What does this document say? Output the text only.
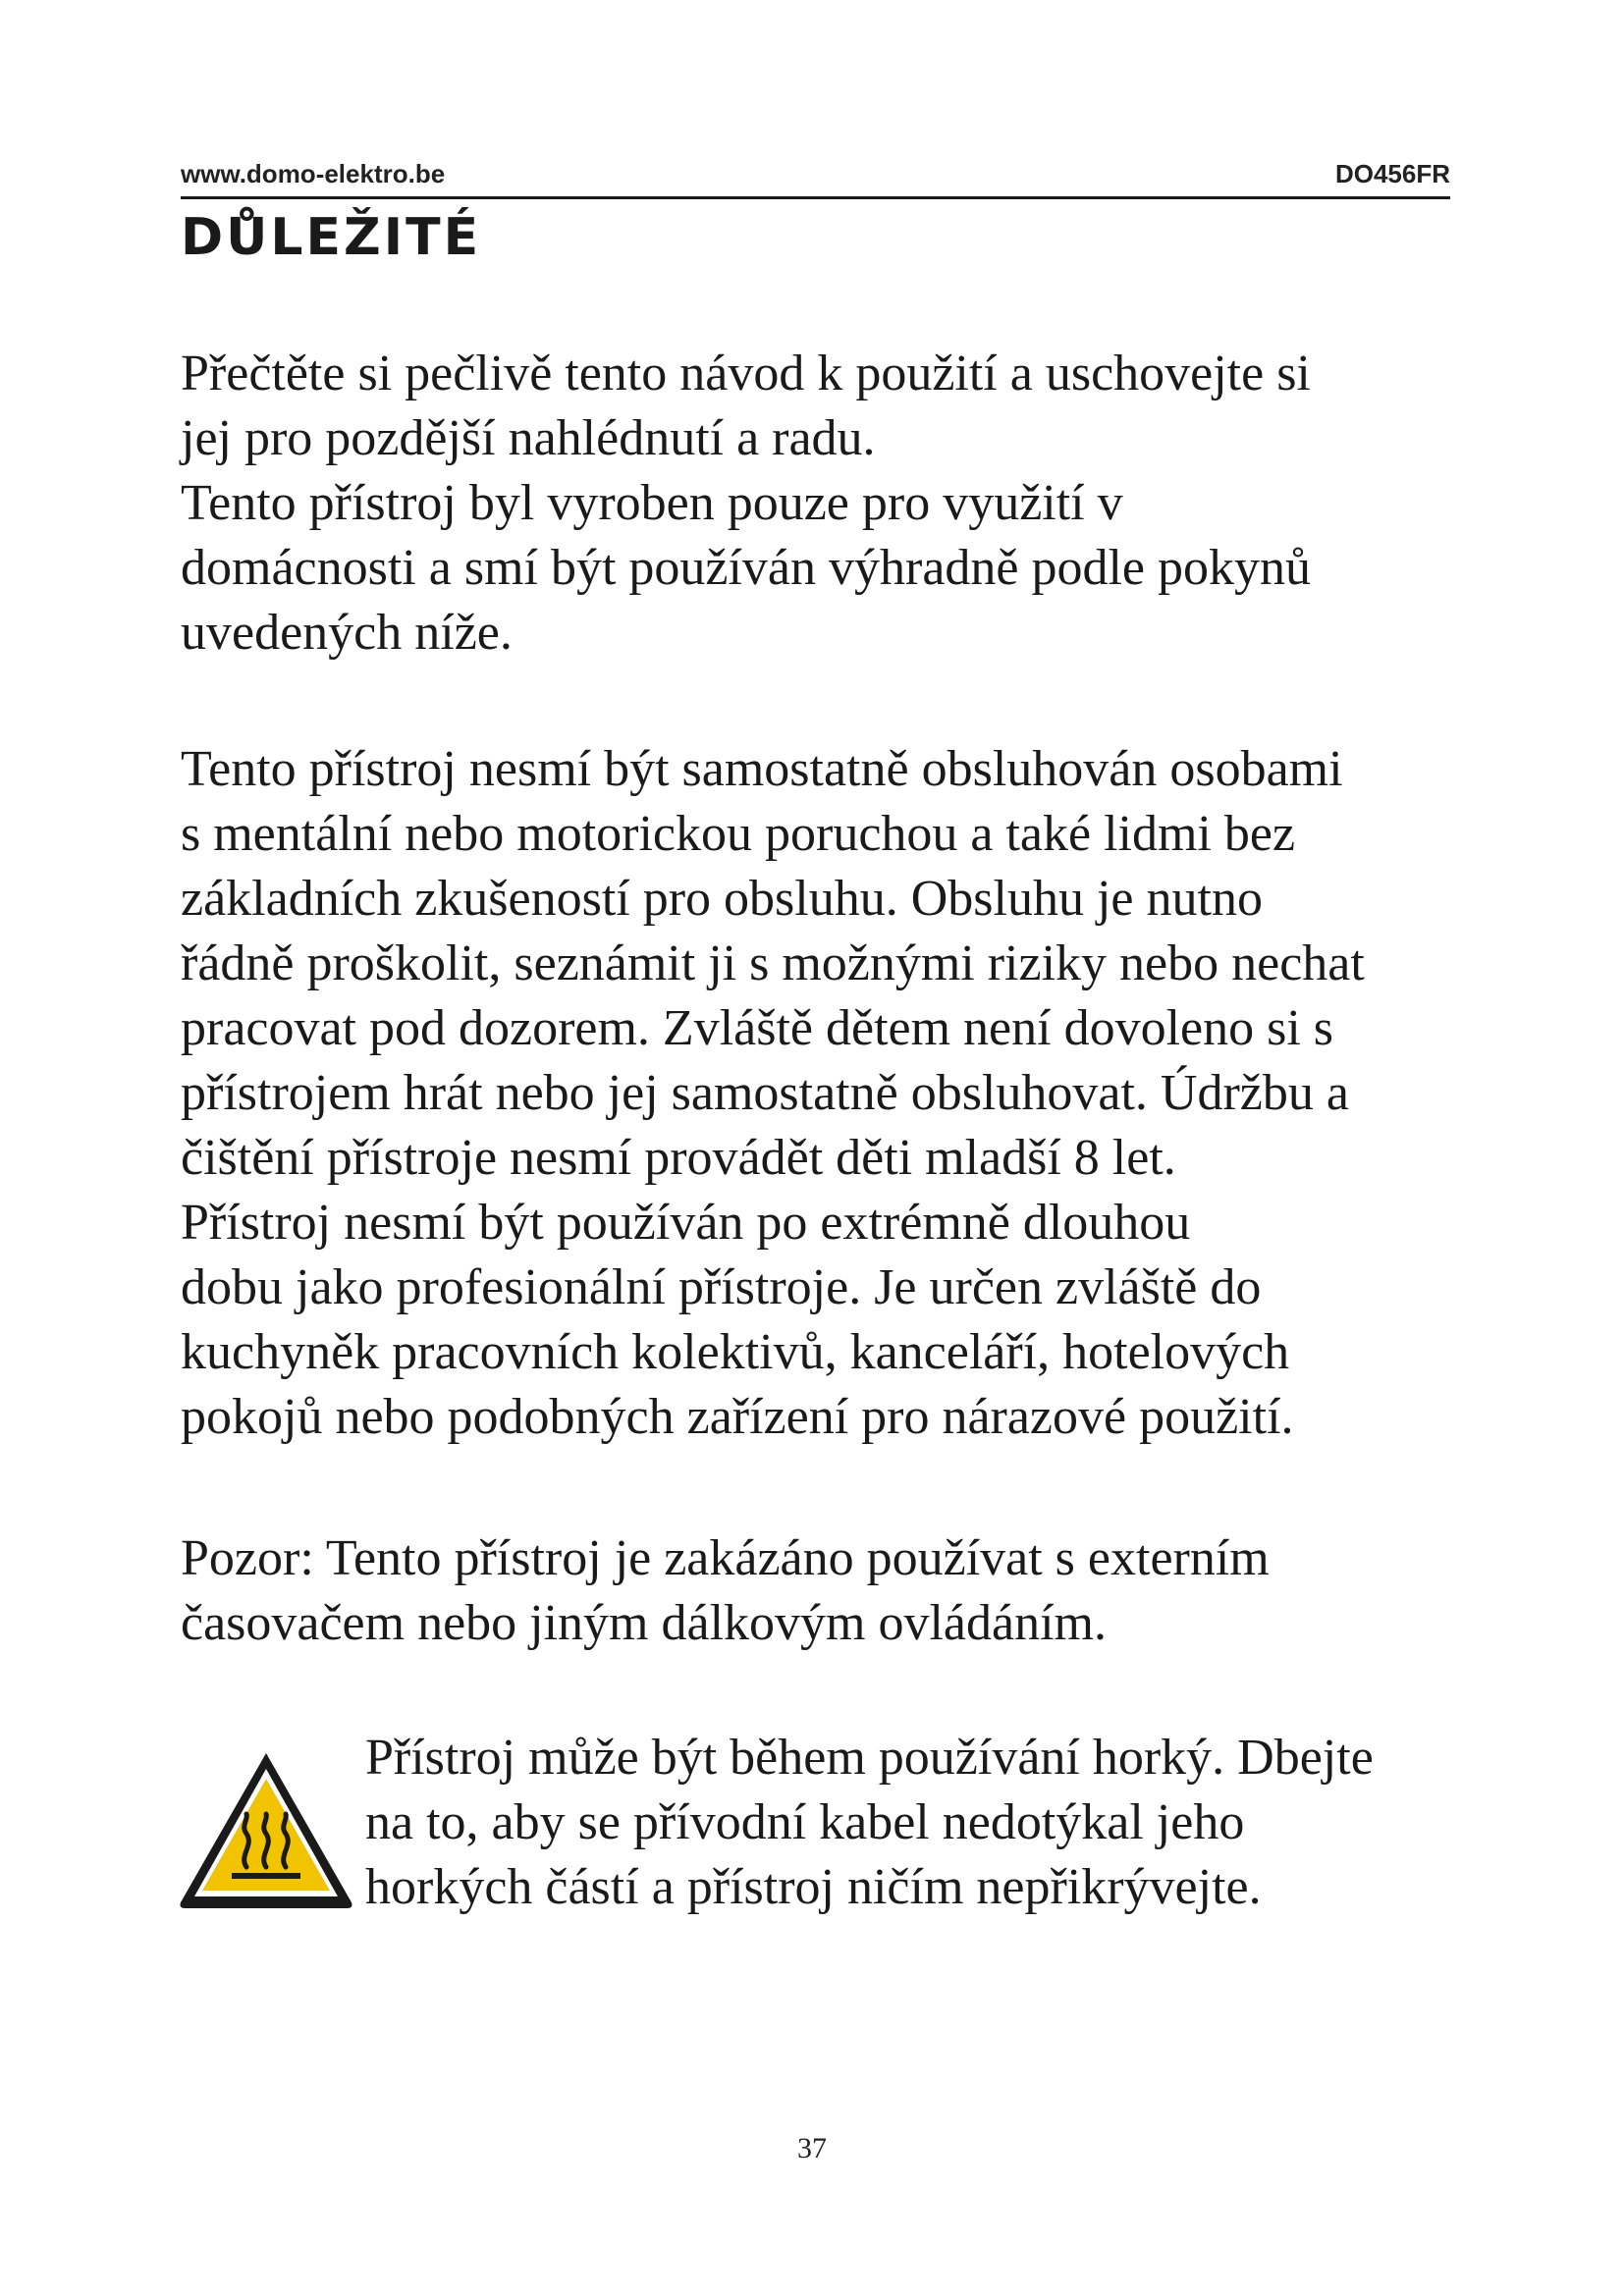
www.domo-elektro.be	DO456FR
DŮLEŽITÉ

Přečtěte si pečlivě tento návod k použití a uschovejte si

jej pro pozdější nahlédnutí a radu.

Tento přístroj byl vyroben pouze pro využití v

domácnosti a smí být používán výhradně podle pokynů

uvedených níže.

Tento přístroj nesmí být samostatně obsluhován osobami

s mentální nebo motorickou poruchou a také lidmi bez

základních zkušeností pro obsluhu. Obsluhu je nutno

řádně proškolit, seznámit ji s možnými riziky nebo nechat

pracovat pod dozorem. Zvláště dětem není dovoleno si s

přístrojem hrát nebo jej samostatně obsluhovat. Údržbu a

čištění přístroje nesmí provádět děti mladší 8 let.

Přístroj nesmí být používán po extrémně dlouhou

dobu jako profesionální přístroje. Je určen zvláště do

kuchyněk pracovních kolektivů, kanceláří, hotelových

pokojů nebo podobných zařízení pro nárazové použití.

Pozor: Tento přístroj je zakázáno používat s externím

časovačem nebo jiným dálkovým ovládáním.

Přístroj může být během používání horký. Dbejte

na to, aby se přívodní kabel nedotýkal jeho

horkých částí a přístroj ničím nepřikrývejte.

37
